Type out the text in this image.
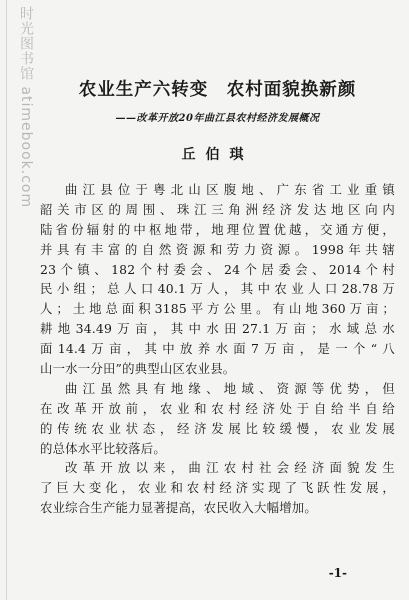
时光图书馆 atimebook.com	农业生产六转变　农村面貌换新颜
——改革开放20年曲江县农村经济发展概况
丘伯琪
曲江县位于粤北山区腹地、广东省工业重镇
韶关市区的周围、珠江三角洲经济发达地区向内
陆省份辐射的中枢地带，地理位置优越，交通方便，
并具有丰富的自然资源和劳力资源。1998年共辖
23个镇、182个村委会、24个居委会、2014个村
民小组；总人口40.1万人，其中农业人口28.78万
人；土地总面积3185平方公里。有山地360万亩；
耕地34.49万亩，其中水田27.1万亩；水域总水
面14.4万亩，其中放养水面7万亩，是一个“八
山一水一分田”的典型山区农业县。
曲江虽然具有地缘、地域、资源等优势，但
在改革开放前，农业和农村经济处于自给半自给
的传统农业状态，经济发展比较缓慢，农业发展
的总体水平比较落后。
改革开放以来，曲江农村社会经济面貌发生
了巨大变化，农业和农村经济实现了飞跃性发展，
农业综合生产能力显著提高，农民收入大幅增加。
-1-
